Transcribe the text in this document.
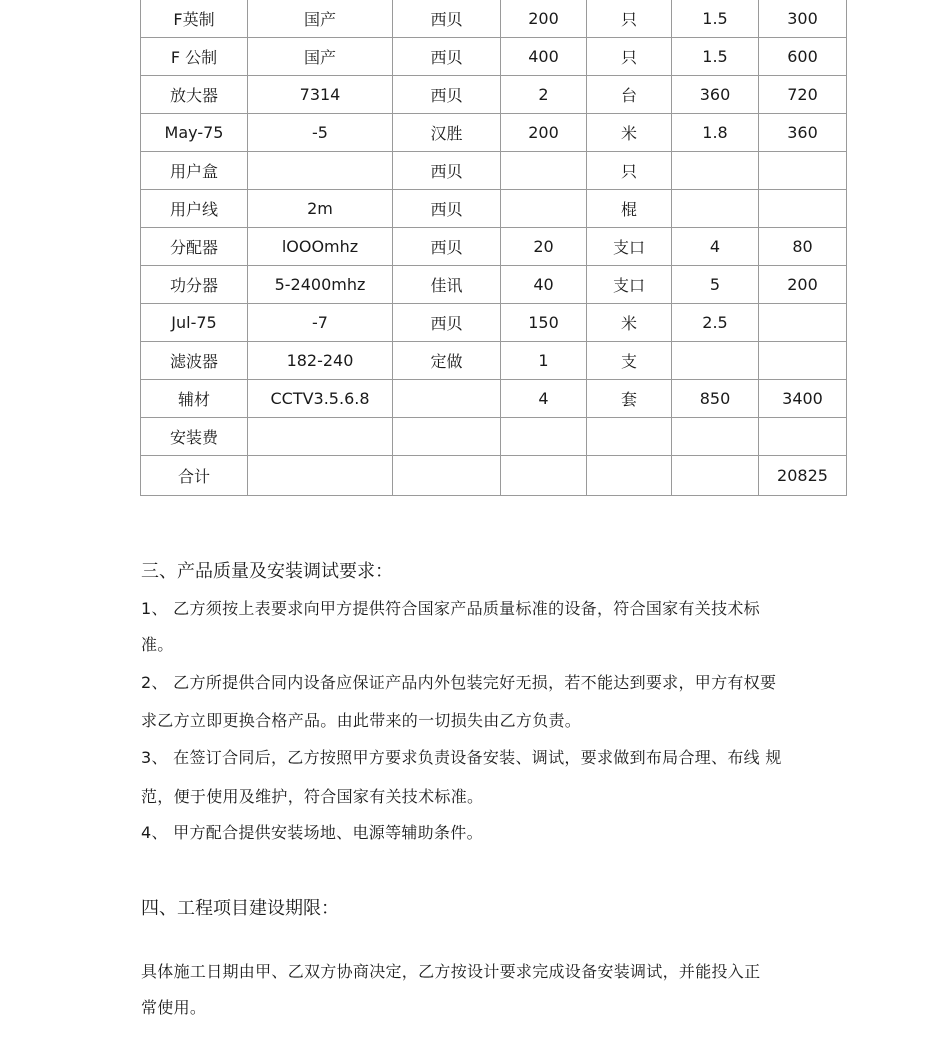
F英制	国产	西贝	200	只	1.5	300
F 公制	国产	西贝	400	只	1.5	600
放大器	7314	西贝	2	台	360	720
May-75	-5	汉胜	200	米	1.8	360
用户盒		西贝		只		
用户线	2m	西贝		棍		
分配器	lOOOmhz	西贝	20	支口	4	80
功分器	5-2400mhz	佳讯	40	支口	5	200
Jul-75	-7	西贝	150	米	2.5	
滤波器	182-240	定做	1	支		
辅材	CCTV3.5.6.8		4	套	850	3400
安装费						
合计						20825
三、产品质量及安装调试要求：
1、 乙方须按上表要求向甲方提供符合国家产品质量标准的设备，符合国家有关技术标
准。
2、 乙方所提供合同内设备应保证产品内外包装完好无损，若不能达到要求，甲方有权要
求乙方立即更换合格产品。由此带来的一切损失由乙方负责。
3、 在签订合同后，乙方按照甲方要求负责设备安装、调试，要求做到布局合理、布线 规
范，便于使用及维护，符合国家有关技术标准。
4、 甲方配合提供安装场地、电源等辅助条件。
四、工程项目建设期限：
具体施工日期由甲、乙双方协商决定，乙方按设计要求完成设备安装调试，并能投入正
常使用。
